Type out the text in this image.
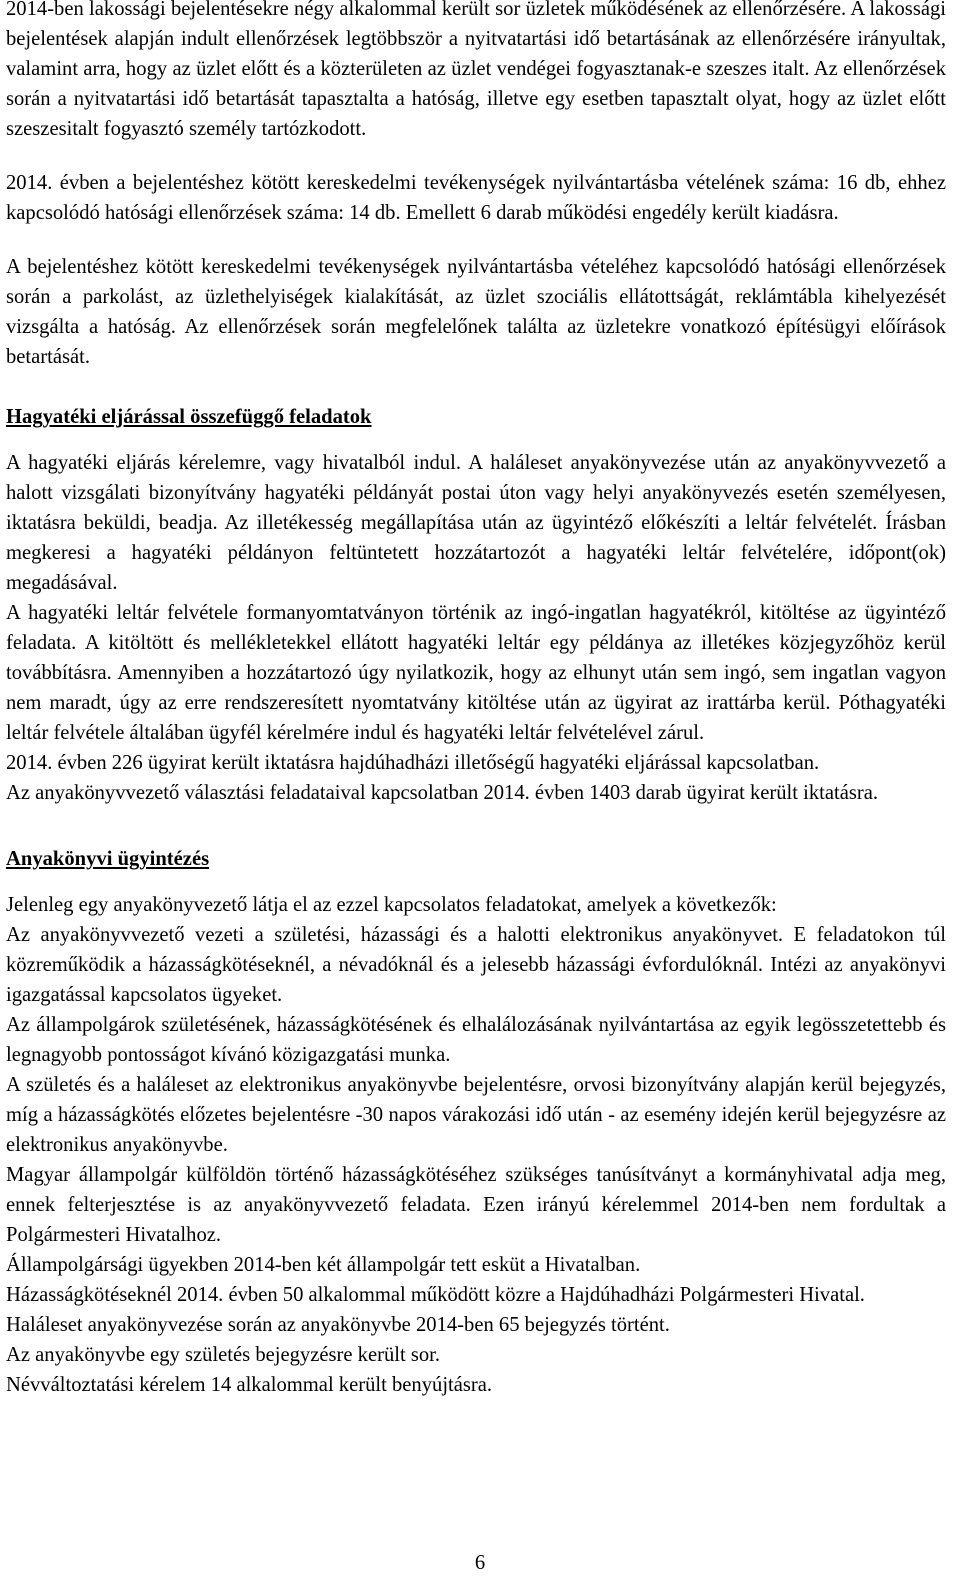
2014-ben lakossági bejelentésekre négy alkalommal került sor üzletek működésének az ellenőrzésére. A lakossági bejelentések alapján indult ellenőrzések legtöbbször a nyitvatartási idő betartásának az ellenőrzésére irányultak, valamint arra, hogy az üzlet előtt és a közterületen az üzlet vendégei fogyasztanak-e szeszes italt. Az ellenőrzések során a nyitvatartási idő betartását tapasztalta a hatóság, illetve egy esetben tapasztalt olyat, hogy az üzlet előtt szeszesitalt fogyasztó személy tartózkodott.

2014. évben a bejelentéshez kötött kereskedelmi tevékenységek nyilvántartásba vételének száma: 16 db, ehhez kapcsolódó hatósági ellenőrzések száma: 14 db. Emellett 6 darab működési engedély került kiadásra.

A bejelentéshez kötött kereskedelmi tevékenységek nyilvántartásba vételéhez kapcsolódó hatósági ellenőrzések során a parkolást, az üzlethelyiségek kialakítását, az üzlet szociális ellátottságát, reklámtábla kihelyezését vizsgálta a hatóság. Az ellenőrzések során megfelelőnek találta az üzletekre vonatkozó építésügyi előírások betartását.

Hagyatéki eljárással összefüggő feladatok

A hagyatéki eljárás kérelemre, vagy hivatalból indul. A haláleset anyakönyvezése után az anyakönyvvezető a halott vizsgálati bizonyítvány hagyatéki példányát postai úton vagy helyi anyakönyvezés esetén személyesen, iktatásra beküldi, beadja. Az illetékesség megállapítása után az ügyintéző előkészíti a leltár felvételét. Írásban megkeresi a hagyatéki példányon feltüntetett hozzátartozót a hagyatéki leltár felvételére, időpont(ok) megadásával.

A hagyatéki leltár felvétele formanyomtatványon történik az ingó-ingatlan hagyatékról, kitöltése az ügyintéző feladata. A kitöltött és mellékletekkel ellátott hagyatéki leltár egy példánya az illetékes közjegyzőhöz kerül továbbításra. Amennyiben a hozzátartozó úgy nyilatkozik, hogy az elhunyt után sem ingó, sem ingatlan vagyon nem maradt, úgy az erre rendszeresített nyomtatvány kitöltése után az ügyirat az irattárba kerül. Póthagyatéki leltár felvétele általában ügyfél kérelmére indul és hagyatéki leltár felvételével zárul.

2014. évben 226 ügyirat került iktatásra hajdúhadházi illetőségű hagyatéki eljárással kapcsolatban.

Az anyakönyvvezető választási feladataival kapcsolatban 2014. évben 1403 darab ügyirat került iktatásra.

Anyakönyvi ügyintézés

Jelenleg egy anyakönyvezető látja el az ezzel kapcsolatos feladatokat, amelyek a következők:

Az anyakönyvvezető vezeti a születési, házassági és a halotti elektronikus anyakönyvet. E feladatokon túl közreműködik a házasságkötéseknél, a névadóknál és a jelesebb házassági évfordulóknál. Intézi az anyakönyvi igazgatással kapcsolatos ügyeket.

Az állampolgárok születésének, házasságkötésének és elhalálozásának nyilvántartása az egyik legösszetettebb és legnagyobb pontosságot kívánó közigazgatási munka.

A születés és a haláleset az elektronikus anyakönyvbe bejelentésre, orvosi bizonyítvány alapján kerül bejegyzés, míg a házasságkötés előzetes bejelentésre -30 napos várakozási idő után - az esemény idején kerül bejegyzésre az elektronikus anyakönyvbe.

Magyar állampolgár külföldön történő házasságkötéséhez szükséges tanúsítványt a kormányhivatal adja meg, ennek felterjesztése is az anyakönyvvezető feladata. Ezen irányú kérelemmel 2014-ben nem fordultak a Polgármesteri Hivatalhoz.

Állampolgársági ügyekben 2014-ben két állampolgár tett esküt a Hivatalban.

Házasságkötéseknél 2014. évben 50 alkalommal működött közre a Hajdúhadházi Polgármesteri Hivatal.

Haláleset anyakönyvezése során az anyakönyvbe 2014-ben 65 bejegyzés történt.

Az anyakönyvbe egy születés bejegyzésre került sor.

Névváltoztatási kérelem 14 alkalommal került benyújtásra.

6
